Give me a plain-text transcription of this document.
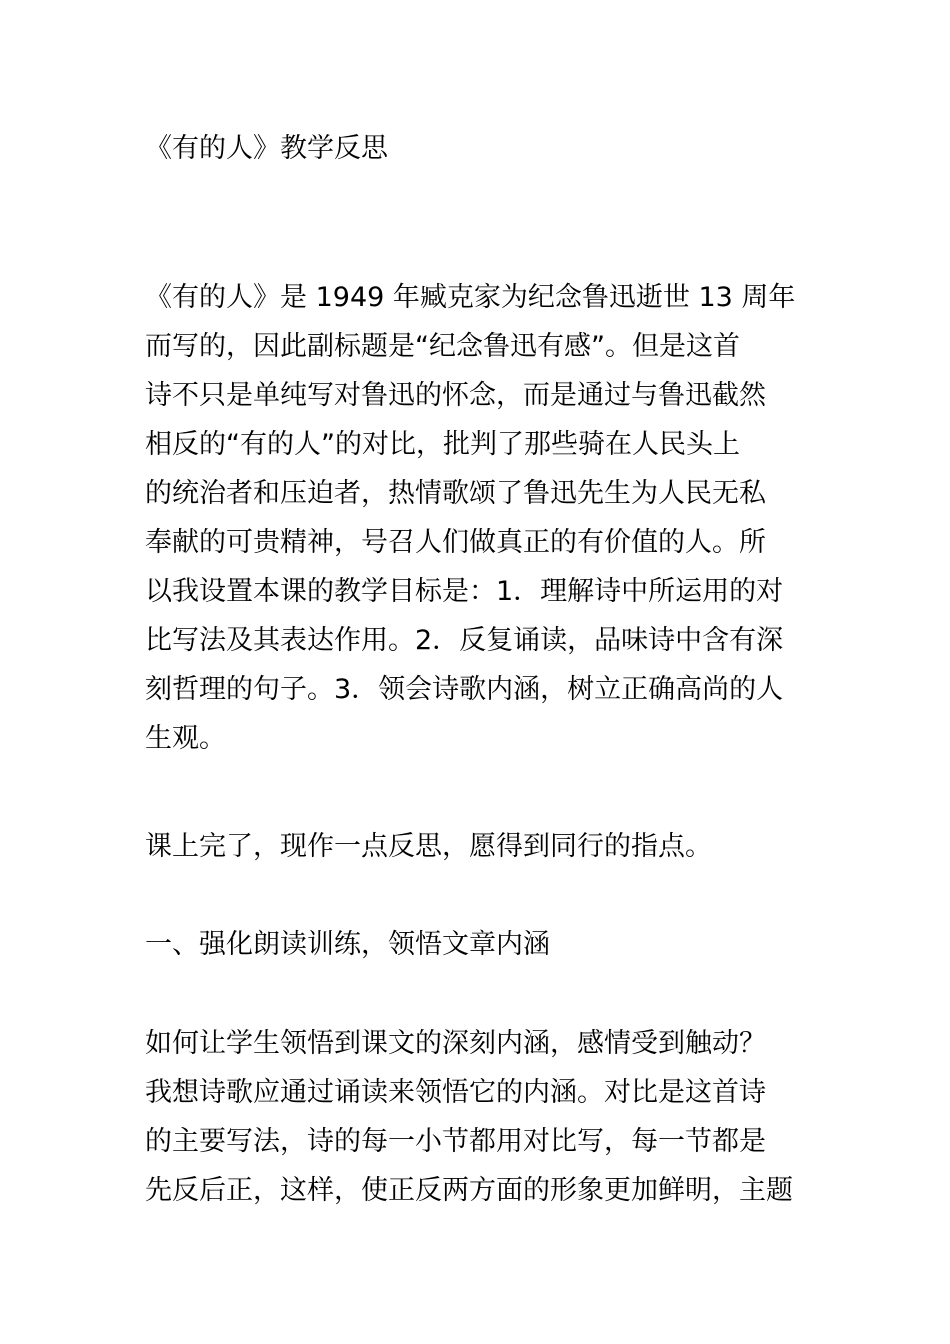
《有的人》教学反思

《有的人》是 1949 年臧克家为纪念鲁迅逝世 13 周年
而写的，因此副标题是“纪念鲁迅有感”。但是这首
诗不只是单纯写对鲁迅的怀念，而是通过与鲁迅截然
相反的“有的人”的对比，批判了那些骑在人民头上
的统治者和压迫者，热情歌颂了鲁迅先生为人民无私
奉献的可贵精神，号召人们做真正的有价值的人。所
以我设置本课的教学目标是：1．理解诗中所运用的对
比写法及其表达作用。2．反复诵读，品味诗中含有深
刻哲理的句子。3．领会诗歌内涵，树立正确高尚的人
生观。

课上完了，现作一点反思，愿得到同行的指点。

一、强化朗读训练，领悟文章内涵

如何让学生领悟到课文的深刻内涵，感情受到触动？
我想诗歌应通过诵读来领悟它的内涵。对比是这首诗
的主要写法，诗的每一小节都用对比写，每一节都是
先反后正，这样，使正反两方面的形象更加鲜明，主题
